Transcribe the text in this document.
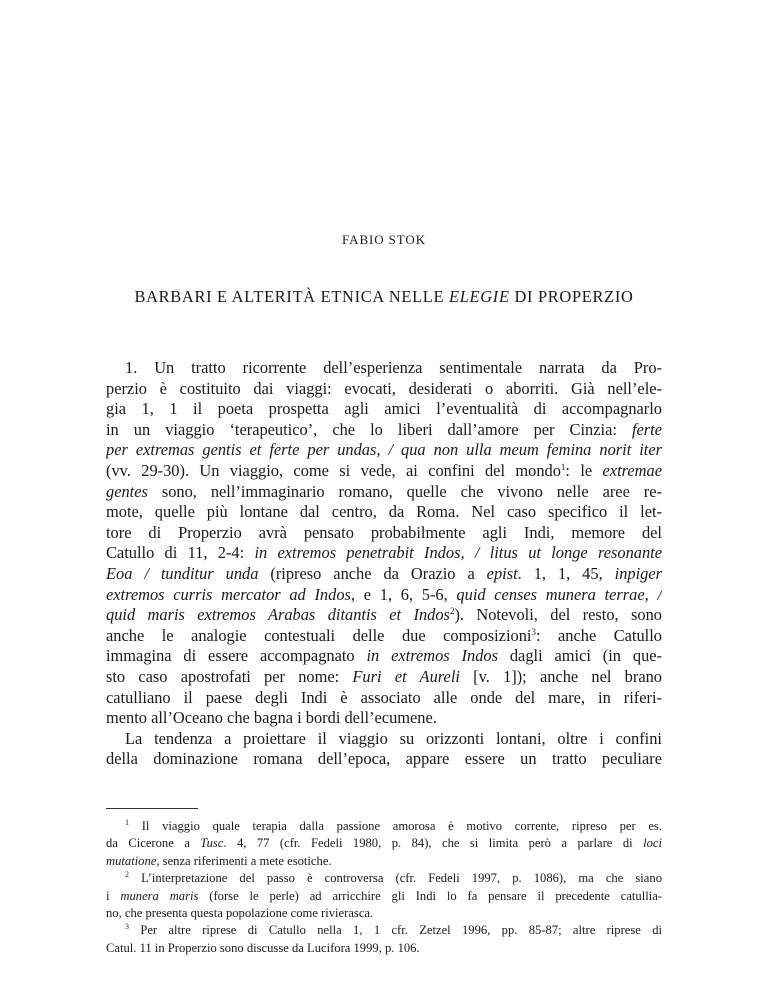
FABIO STOK
BARBARI E ALTERITÀ ETNICA NELLE ELEGIE DI PROPERZIO
1. Un tratto ricorrente dell’esperienza sentimentale narrata da Pro-
perzio è costituito dai viaggi: evocati, desiderati o aborriti. Già nell’ele-
gia 1, 1 il poeta prospetta agli amici l’eventualità di accompagnarlo
in un viaggio ‘terapeutico’, che lo liberi dall’amore per Cinzia: ferte
per extremas gentis et ferte per undas, / qua non ulla meum femina norit iter
(vv. 29-30). Un viaggio, come si vede, ai confini del mondo$^1$: le extremae
gentes sono, nell’immaginario romano, quelle che vivono nelle aree re-
mote, quelle più lontane dal centro, da Roma. Nel caso specifico il let-
tore di Properzio avrà pensato probabilmente agli Indi, memore del
Catullo di 11, 2-4: in extremos penetrabit Indos, / litus ut longe resonante
Eoa / tunditur unda (ripreso anche da Orazio a epist. 1, 1, 45, inpiger
extremos curris mercator ad Indos, e 1, 6, 5-6, quid censes munera terrae, /
quid maris extremos Arabas ditantis et Indos$^2$). Notevoli, del resto, sono
anche le analogie contestuali delle due composizioni$^3$: anche Catullo
immagina di essere accompagnato in extremos Indos dagli amici (in que-
sto caso apostrofati per nome: Furi et Aureli [v. 1]); anche nel brano
catulliano il paese degli Indi è associato alle onde del mare, in riferi-
mento all’Oceano che bagna i bordi dell’ecumene.
La tendenza a proiettare il viaggio su orizzonti lontani, oltre i confini
della dominazione romana dell’epoca, appare essere un tratto peculiare
$^1$ Il viaggio quale terapia dalla passione amorosa è motivo corrente, ripreso per es.
da Cicerone a Tusc. 4, 77 (cfr. Fedeli 1980, p. 84), che si limita però a parlare di loci
mutatione, senza riferimenti a mete esotiche.
$^2$ L’interpretazione del passo è controversa (cfr. Fedeli 1997, p. 1086), ma che siano
i munera maris (forse le perle) ad arricchire gli Indi lo fa pensare il precedente catullia-
no, che presenta questa popolazione come rivierasca.
$^3$ Per altre riprese di Catullo nella 1, 1 cfr. Zetzel 1996, pp. 85-87; altre riprese di
Catul. 11 in Properzio sono discusse da Lucifora 1999, p. 106.
